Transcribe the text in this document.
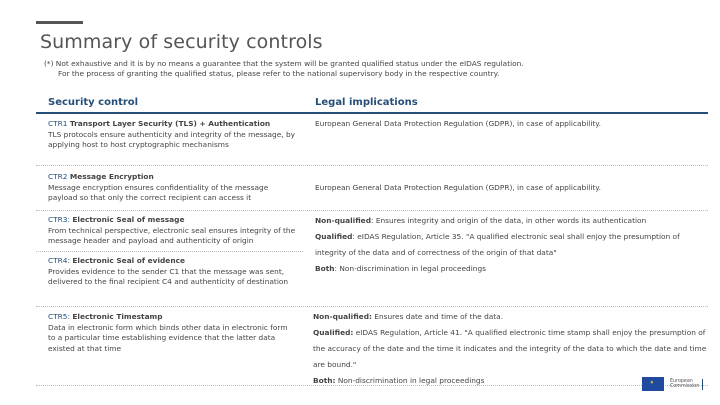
Summary of security controls
(*) Not exhaustive and it is by no means a guarantee that the system will be granted qualified status under the eIDAS regulation.
For the process of granting the qualified status, please refer to the national supervisory body in the respective country.
Security control	Legal implications
CTR1 Transport Layer Security (TLS) + Authentication
TLS protocols ensure authenticity and integrity of the message, by applying host to host cryptographic mechanisms
European General Data Protection Regulation (GDPR), in case of applicability.
CTR2 Message Encryption
Message encryption ensures confidentiality of the message payload so that only the correct recipient can access it
European General Data Protection Regulation (GDPR), in case of applicability.
CTR3: Electronic Seal of message
From technical perspective, electronic seal ensures integrity of the message header and payload and authenticity of origin
CTR4: Electronic Seal of evidence
Provides evidence to the sender C1 that the message was sent, delivered to the final recipient C4 and authenticity of destination
Non-qualified: Ensures integrity and origin of the data, in other words its authentication
Qualified: eIDAS Regulation, Article 35. "A qualified electronic seal shall enjoy the presumption of integrity of the data and of correctness of the origin of that data"
Both: Non-discrimination in legal proceedings
CTR5: Electronic Timestamp
Data in electronic form which binds other data in electronic form to a particular time establishing evidence that the latter data existed at that time
Non-qualified: Ensures date and time of the data.
Qualified: eIDAS Regulation, Article 41. "A qualified electronic time stamp shall enjoy the presumption of the accuracy of the date and the time it indicates and the integrity of the data to which the date and time are bound."
Both: Non-discrimination in legal proceedings ⋆	European
Commission
